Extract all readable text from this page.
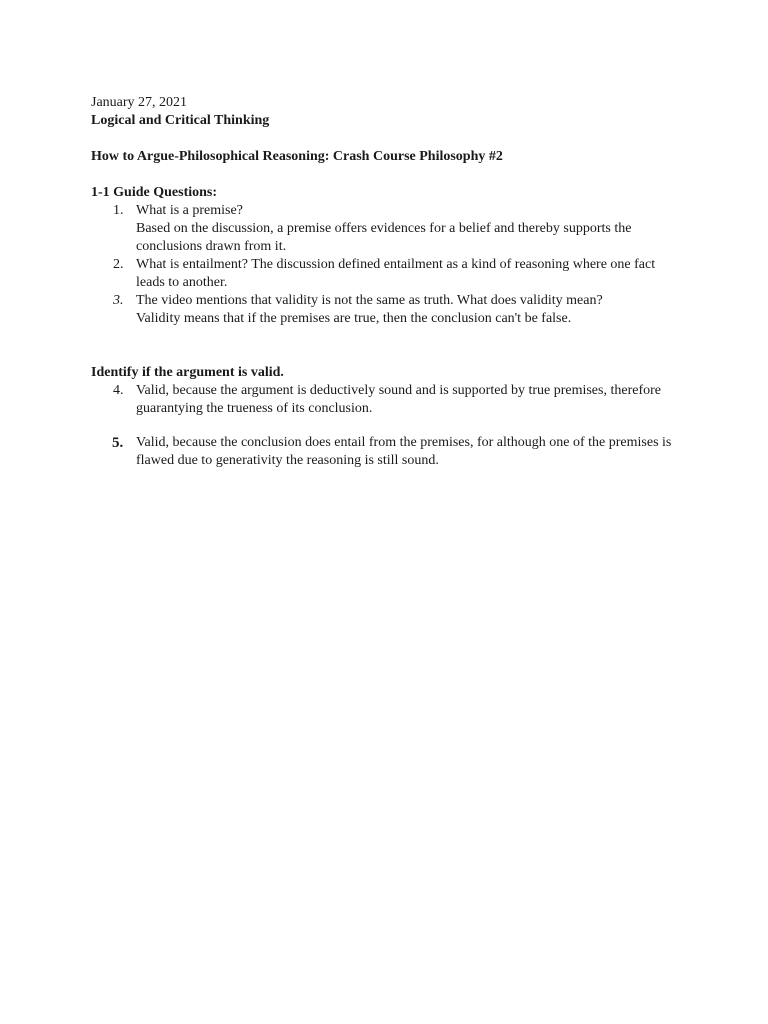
January 27, 2021
Logical and Critical Thinking
How to Argue-Philosophical Reasoning: Crash Course Philosophy #2
1-1 Guide Questions:
1. What is a premise?
Based on the discussion, a premise offers evidences for a belief and thereby supports the conclusions drawn from it.
2. What is entailment? The discussion defined entailment as a kind of reasoning where one fact leads to another.
3. The video mentions that validity is not the same as truth. What does validity mean?
Validity means that if the premises are true, then the conclusion can't be false.
Identify if the argument is valid.
4. Valid, because the argument is deductively sound and is supported by true premises, therefore guarantying the trueness of its conclusion.
5. Valid, because the conclusion does entail from the premises, for although one of the premises is flawed due to generativity the reasoning is still sound.
